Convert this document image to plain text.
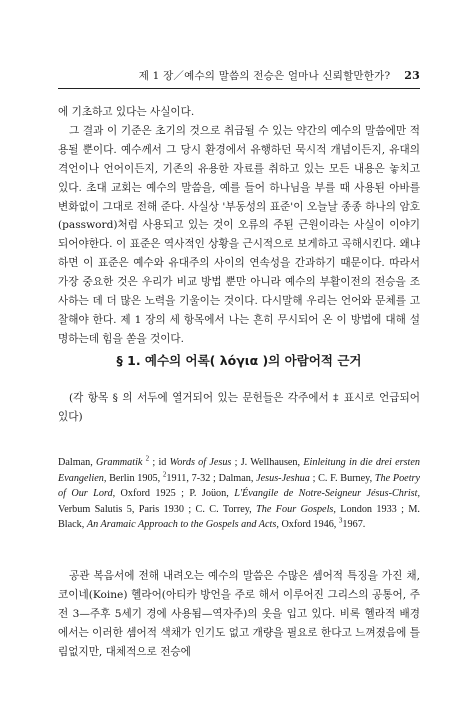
제 1 장／예수의 말씀의 전승은 얼마나 신뢰할만한가? 23

에 기초하고 있다는 사실이다.

그 결과 이 기준은 초기의 것으로 취급될 수 있는 약간의 예수의 말씀에만 적용될 뿐이다. 예수께서 그 당시 환경에서 유행하던 묵시적 개념이든지, 유대의 격언이나 언어이든지, 기존의 유용한 자료를 취하고 있는 모든 내용은 놓치고 있다. 초대 교회는 예수의 말씀을, 예를 들어 하나님을 부를 때 사용된 아바를 변화없이 그대로 전해 준다. 사실상 '부동성의 표준'이 오늘날 종종 하나의 암호(password)처럼 사용되고 있는 것이 오류의 주된 근원이라는 사실이 이야기되어야한다. 이 표준은 역사적인 상황을 근시적으로 보게하고 곡해시킨다. 왜냐하면 이 표준은 예수와 유대주의 사이의 연속성을 간과하기 때문이다. 따라서 가장 중요한 것은 우리가 비교 방법 뿐만 아니라 예수의 부활이전의 전승을 조사하는 데 더 많은 노력을 기울이는 것이다. 다시말해 우리는 언어와 문체를 고찰해야 한다. 제 1 장의 세 항목에서 나는 흔히 무시되어 온 이 방법에 대해 설명하는데 힘을 쏟을 것이다.

§ 1. 예수의 어록( λόγια )의 아람어적 근거
(각 항목 § 의 서두에 열거되어 있는 문헌들은 각주에서 ‡ 표시로 언급되어 있다)
Dalman, Grammatik $^2$ ; id Words of Jesus ; J. Wellhausen, Einleitung in die drei ersten Evangelien, Berlin 1905, $^2$1911, 7-32 ; Dalman, Jesus-Jeshua ; C. F. Burney, The Poetry of Our Lord, Oxford 1925 ; P. Joüon, L'Évangile de Notre-Seigneur Jésus-Christ, Verbum Salutis 5, Paris 1930 ; C. C. Torrey, The Four Gospels, London 1933 ; M. Black, An Aramaic Approach to the Gospels and Acts, Oxford 1946, $^3$1967.
공관 복음서에 전해 내려오는 예수의 말씀은 수많은 셈어적 특징을 가진 채, 코이네(Koine) 헬라어(아티카 방언을 주로 해서 이루어진 그리스의 공통어, 주전 3—주후 5세기 경에 사용됨—역자주)의 옷을 입고 있다. 비록 헬라적 배경에서는 이러한 셈어적 색채가 인기도 없고 개량을 필요로 한다고 느껴졌음에 틀림없지만, 대체적으로 전승에
